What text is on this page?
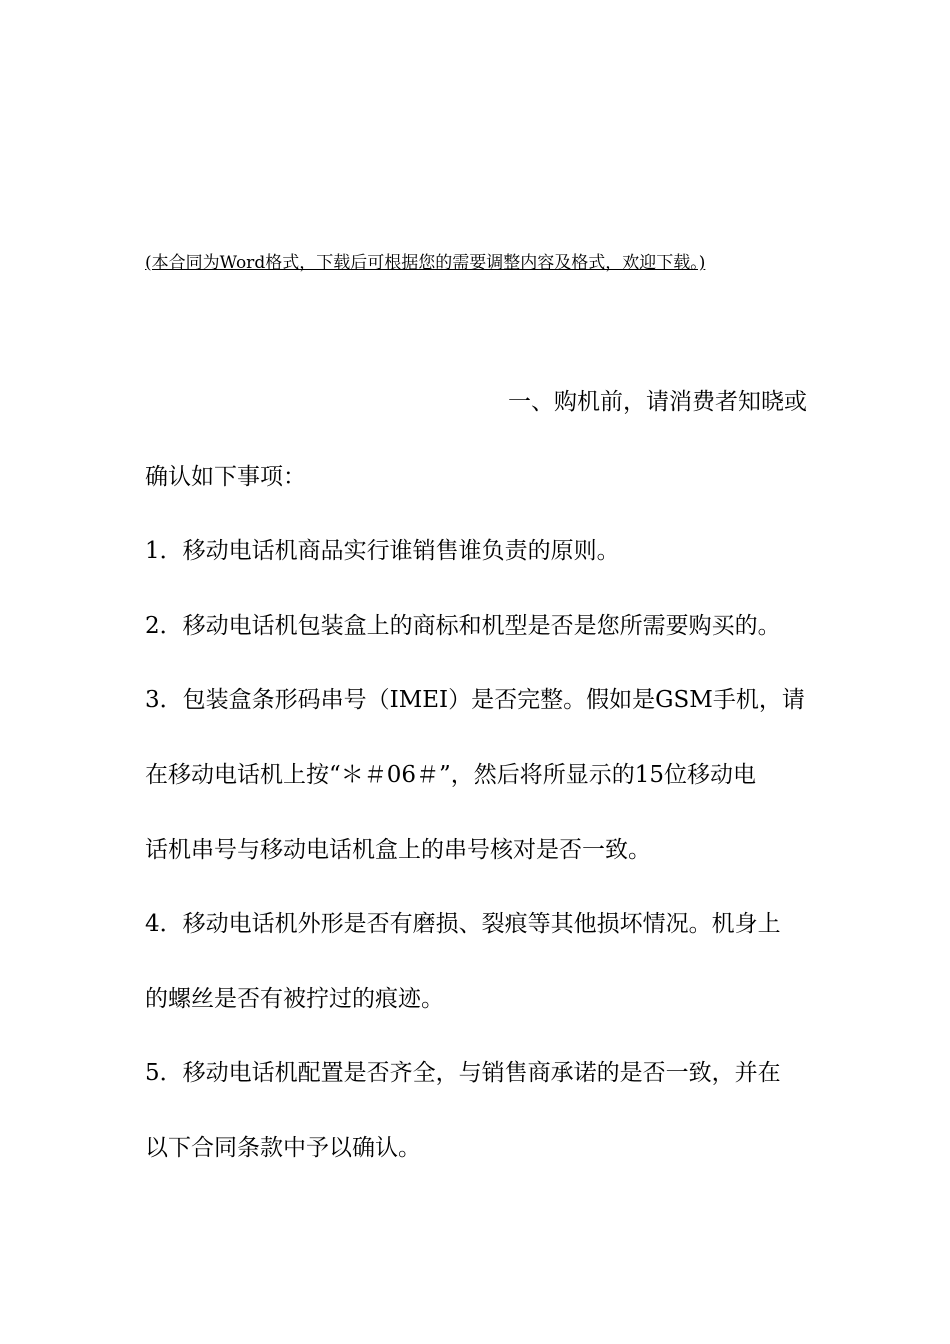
(本合同为Word格式，下载后可根据您的需要调整内容及格式，欢迎下载。)
一、购机前，请消费者知晓或
确认如下事项：
1．移动电话机商品实行谁销售谁负责的原则。
2．移动电话机包装盒上的商标和机型是否是您所需要购买的。
3．包装盒条形码串号（IMEI）是否完整。假如是GSM手机，请
在移动电话机上按“＊＃06＃”，然后将所显示的15位移动电
话机串号与移动电话机盒上的串号核对是否一致。
4．移动电话机外形是否有磨损、裂痕等其他损坏情况。机身上
的螺丝是否有被拧过的痕迹。
5．移动电话机配置是否齐全，与销售商承诺的是否一致，并在
以下合同条款中予以确认。
